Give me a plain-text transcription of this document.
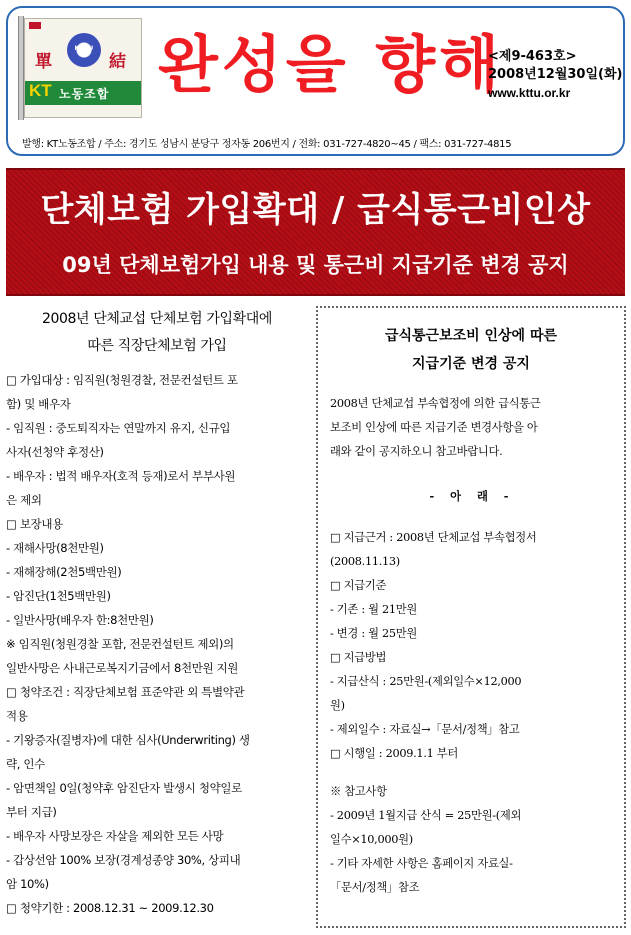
單
KTTU
結
KT 노동조합 완성을 향해
<제9-463호>
2008년12월30일(화)
www.kttu.or.kr
발행: KT노동조합 / 주소: 경기도 성남시 분당구 정자동 206번지 / 전화: 031-727-4820~45 / 팩스: 031-727-4815
단체보험 가입확대 / 급식통근비인상
09년 단체보험가입 내용 및 통근비 지급기준 변경 공지
2008년 단체교섭 단체보험 가입확대에
따른 직장단체보험 가입
□ 가입대상 : 임직원(청원경찰, 전문컨설턴트 포
함) 및 배우자
- 임직원 : 중도퇴직자는 연말까지 유지, 신규입
사자(선청약 후정산)
- 배우자 : 법적 배우자(호적 등재)로서 부부사원
은 제외
□ 보장내용
- 재해사망(8천만원)
- 재해장해(2천5백만원)
- 암진단(1천5백만원)
- 일반사망(배우자 한:8천만원)
※ 임직원(청원경찰 포함, 전문컨설턴트 제외)의
일반사망은 사내근로복지기금에서 8천만원 지원
□ 청약조건 : 직장단체보험 표준약관 외 특별약관
적용
- 기왕증자(질병자)에 대한 심사(Underwriting) 생
략, 인수
- 암면책일 0일(청약후 암진단자 발생시 청약일로
부터 지급)
- 배우자 사망보장은 자살을 제외한 모든 사망
- 갑상선암 100% 보장(경계성종양 30%, 상피내
암 10%)
□ 청약기한 : 2008.12.31 ~ 2009.12.30
급식통근보조비 인상에 따른
지급기준 변경 공지
2008년 단체교섭 부속협정에 의한 급식통근
보조비 인상에 따른 지급기준 변경사항을 아
래와 같이 공지하오니 참고바랍니다.
- 아 래 -
□ 지급근거 : 2008년 단체교섭 부속협정서
(2008.11.13)
□ 지급기준
- 기존 : 월 21만원
- 변경 : 월 25만원
□ 지급방법
- 지급산식 : 25만원-(제외일수×12,000
원)
- 제외일수 : 자료실→「문서/정책」참고
□ 시행일 : 2009.1.1 부터
※ 참고사항
- 2009년 1월지급 산식 = 25만원-(제외
일수×10,000원)
- 기타 자세한 사항은 홈페이지 자료실-
「문서/정책」참조
